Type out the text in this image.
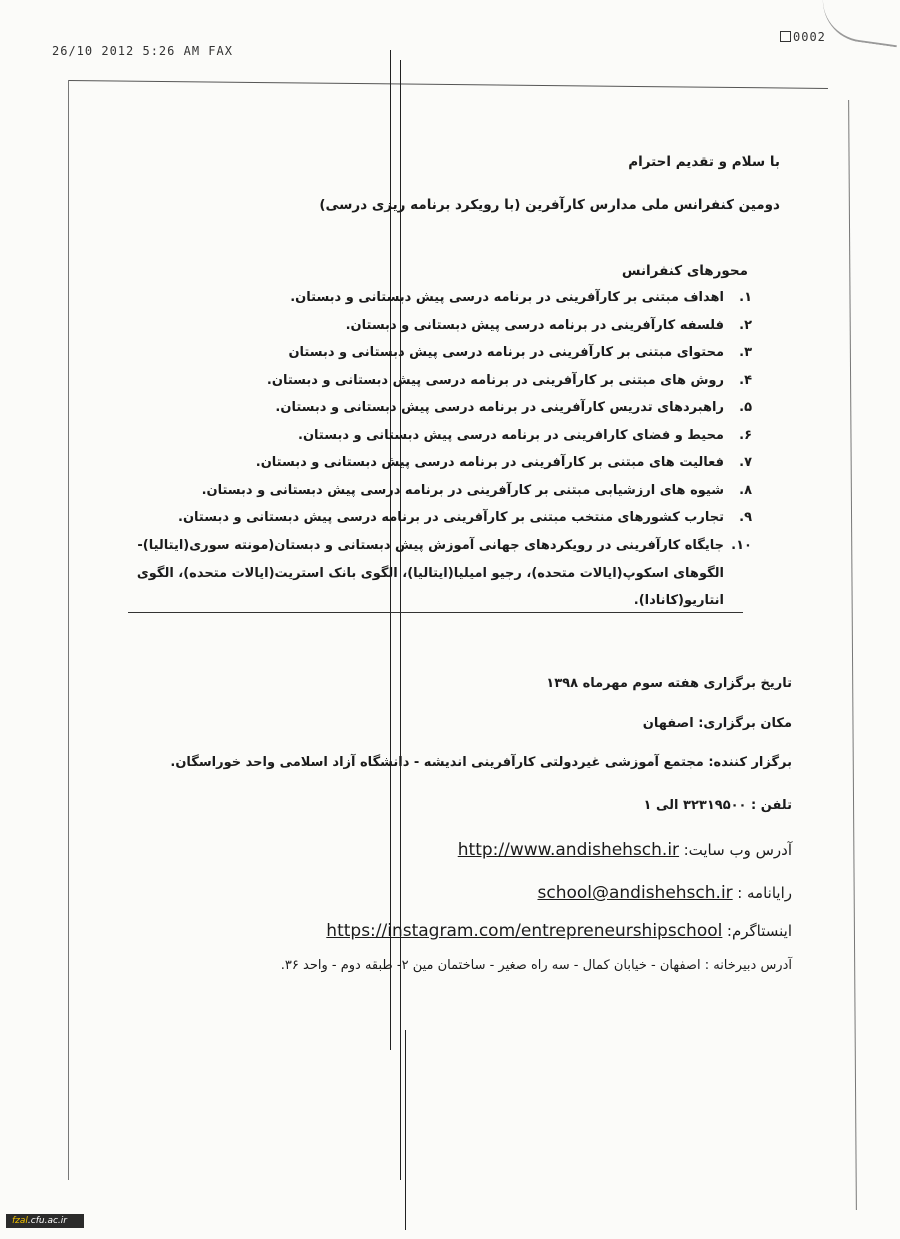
26/10 2012 5:26 AM FAX
0002
با سلام و تقدیم احترام
دومین کنفرانس ملی مدارس کارآفرین (با رویکرد برنامه ریزی درسی)
محورهای کنفرانس
۱.اهداف مبتنی بر کارآفرینی در برنامه درسی پیش دبستانی و دبستان.
۲.فلسفه کارآفرینی در برنامه درسی پیش دبستانی و دبستان.
۳.محتوای مبتنی بر کارآفرینی در برنامه درسی پیش دبستانی و دبستان
۴.روش های مبتنی بر کارآفرینی در برنامه درسی پیش دبستانی و دبستان.
۵.راهبردهای تدریس کارآفرینی در برنامه درسی پیش دبستانی و دبستان.
۶.محیط و فضای کارافرینی در برنامه درسی پیش دبستانی و دبستان.
۷.فعالیت های مبتنی بر کارآفرینی در برنامه درسی پیش دبستانی و دبستان.
۸.شیوه های ارزشیابی مبتنی بر کارآفرینی در برنامه درسی پیش دبستانی و دبستان.
۹.تجارب کشورهای منتخب مبتنی بر کارآفرینی در برنامه درسی پیش دبستانی و دبستان.
۱۰.جایگاه کارآفرینی در رویکردهای جهانی آموزش پیش دبستانی و دبستان(مونته سوری(ایتالیا)-
الگوهای اسکوپ(ایالات متحده)، رجیو امیلیا(ایتالیا)، الگوی بانک استریت(ایالات متحده)، الگوی
انتاریو(کانادا).
تاریخ برگزاری هفته سوم مهرماه ۱۳۹۸
مکان برگزاری: اصفهان
برگزار کننده: مجتمع آموزشی غیردولتی کارآفرینی اندیشه - دانشگاه آزاد اسلامی واحد خوراسگان.
تلفن : ۳۲۳۱۹۵۰۰ الی ۱
آدرس وب سایت: http://www.andishehsch.ir
رایانامه : school@andishehsch.ir
اینستاگرم: https://instagram.com/entrepreneurshipschool
آدرس دبیرخانه : اصفهان - خیابان کمال - سه راه صغیر - ساختمان مین ۲- طبقه دوم - واحد ۳۶.
fzal.cfu.ac.ir
